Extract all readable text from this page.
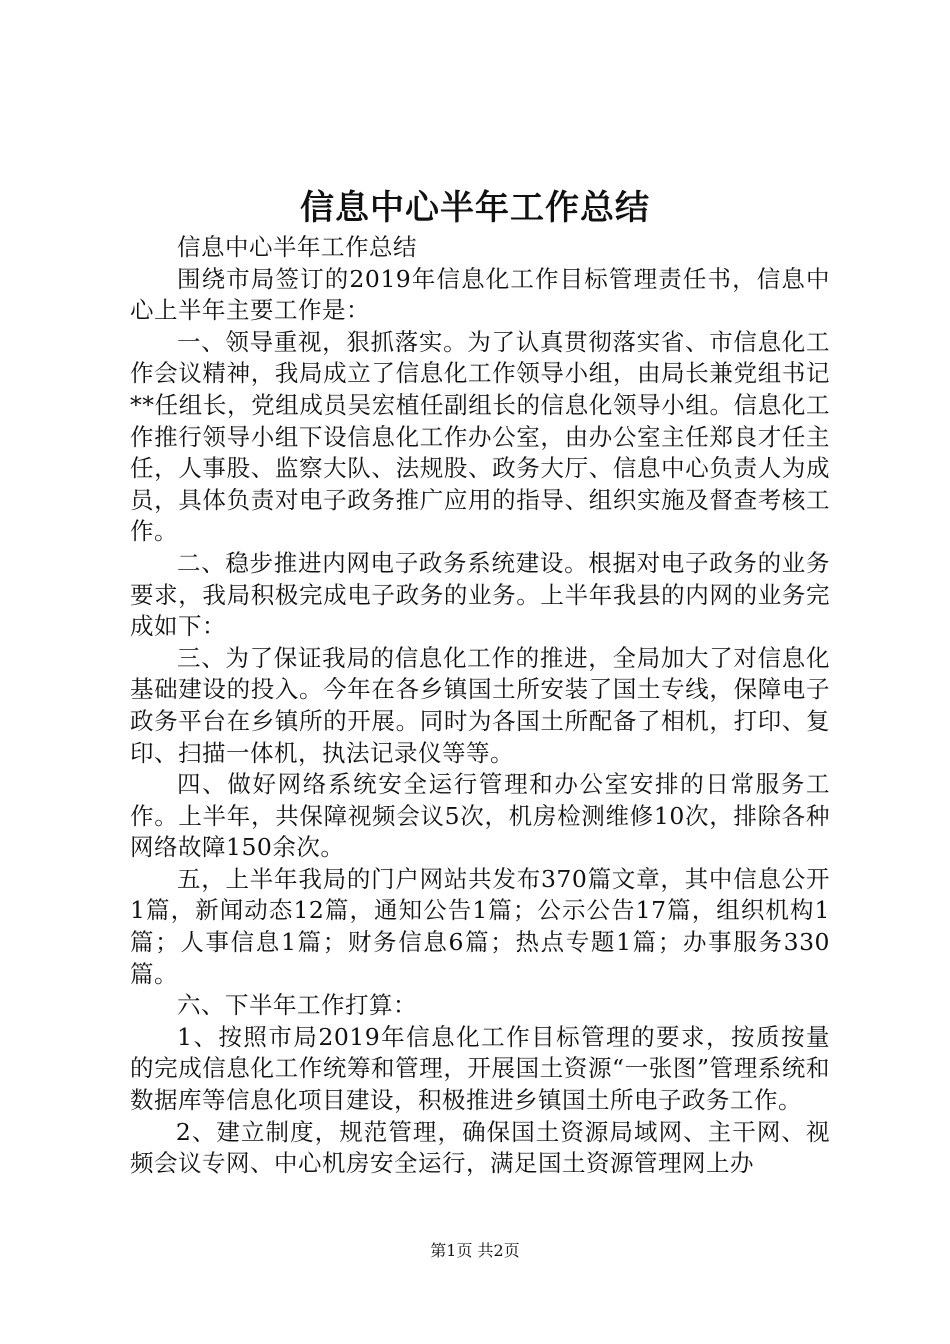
信息中心半年工作总结

信息中心半年工作总结

围绕市局签订的2019年信息化工作目标管理责任书，信息中心上半年主要工作是：

一、领导重视，狠抓落实。为了认真贯彻落实省、市信息化工作会议精神，我局成立了信息化工作领导小组，由局长兼党组书记**任组长，党组成员吴宏植任副组长的信息化领导小组。信息化工作推行领导小组下设信息化工作办公室，由办公室主任郑良才任主任，人事股、监察大队、法规股、政务大厅、信息中心负责人为成员，具体负责对电子政务推广应用的指导、组织实施及督查考核工作。

二、稳步推进内网电子政务系统建设。根据对电子政务的业务要求，我局积极完成电子政务的业务。上半年我县的内网的业务完成如下：

三、为了保证我局的信息化工作的推进，全局加大了对信息化基础建设的投入。今年在各乡镇国土所安装了国土专线，保障电子政务平台在乡镇所的开展。同时为各国土所配备了相机，打印、复印、扫描一体机，执法记录仪等等。

四、做好网络系统安全运行管理和办公室安排的日常服务工作。上半年，共保障视频会议5次，机房检测维修10次，排除各种网络故障150余次。

五，上半年我局的门户网站共发布370篇文章，其中信息公开1篇，新闻动态12篇，通知公告1篇；公示公告17篇，组织机构1篇；人事信息1篇；财务信息6篇；热点专题1篇；办事服务330篇。

六、下半年工作打算：

1、按照市局2019年信息化工作目标管理的要求，按质按量的完成信息化工作统筹和管理，开展国土资源“一张图”管理系统和数据库等信息化项目建设，积极推进乡镇国土所电子政务工作。

2、建立制度，规范管理，确保国土资源局域网、主干网、视频会议专网、中心机房安全运行，满足国土资源管理网上办

第1页 共2页
